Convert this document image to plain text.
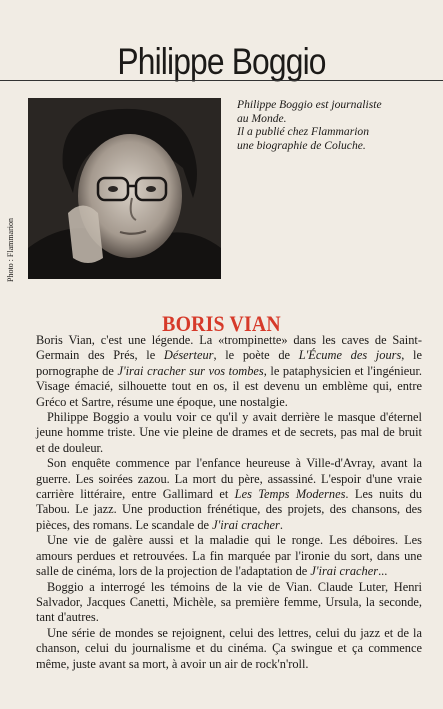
Philippe Boggio
Photo : Flammarion

Philippe Boggio est journaliste

au Monde.

Il a publié chez Flammarion

une biographie de Coluche.

BORIS VIAN

Boris Vian, c'est une légende. La «trompinette» dans les caves de Saint-Germain des Prés, le Déserteur, le poète de L'Écume des jours, le pornographe de J'irai cracher sur vos tombes, le pataphysicien et l'ingénieur. Visage émacié, silhouette tout en os, il est devenu un emblème qui, entre Gréco et Sartre, résume une époque, une nostalgie.

Philippe Boggio a voulu voir ce qu'il y avait derrière le masque d'éternel jeune homme triste. Une vie pleine de drames et de secrets, pas mal de bruit et de douleur.

Son enquête commence par l'enfance heureuse à Ville-d'Avray, avant la guerre. Les soirées zazou. La mort du père, assassiné. L'espoir d'une vraie carrière littéraire, entre Gallimard et Les Temps Modernes. Les nuits du Tabou. Le jazz. Une production frénétique, des projets, des chansons, des pièces, des romans. Le scandale de J'irai cracher.

Une vie de galère aussi et la maladie qui le ronge. Les déboires. Les amours perdues et retrouvées. La fin marquée par l'ironie du sort, dans une salle de cinéma, lors de la projection de l'adaptation de J'irai cracher...

Boggio a interrogé les témoins de la vie de Vian. Claude Luter, Henri Salvador, Jacques Canetti, Michèle, sa première femme, Ursula, la seconde, tant d'autres.

Une série de mondes se rejoignent, celui des lettres, celui du jazz et de la chanson, celui du journalisme et du cinéma. Ça swingue et ça commence même, juste avant sa mort, à avoir un air de rock'n'roll.
